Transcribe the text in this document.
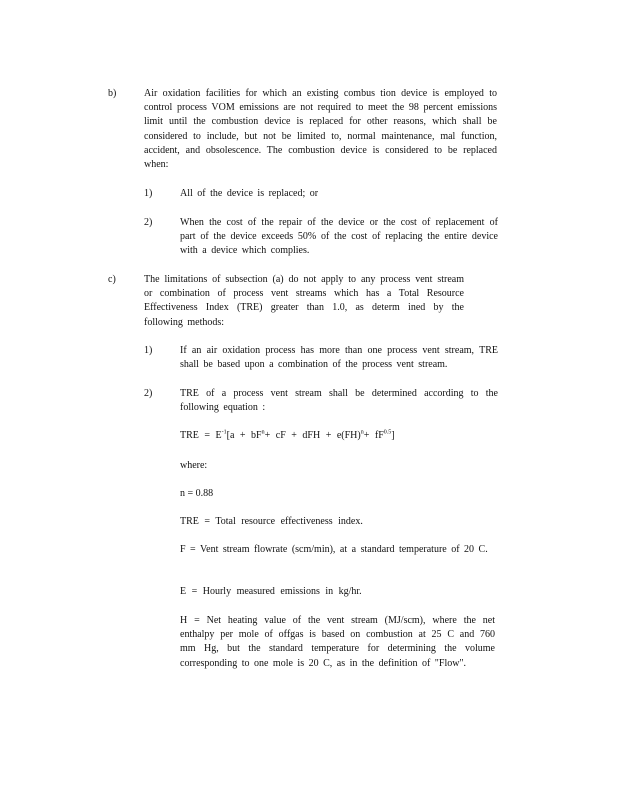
b)	Air oxidation facilities for which an existing combus tion device is employed to control process VOM emissions are not required to meet the 98 percent emissions limit until the combustion device is replaced for other reasons, which shall be considered to include, but not be limited to, normal maintenance, mal function, accident, and obsolescence. The combustion device is considered to be replaced when:
1)	All of the device is replaced; or
2)	When the cost of the repair of the device or the cost of replacement of part of the device exceeds 50% of the cost of replacing the entire device with a device which complies.
c)	The limitations of subsection (a) do not apply to any process vent stream or combination of process vent streams which has a Total Resource Effectiveness Index (TRE) greater than 1.0, as determ ined by the following methods:
1)	If an air oxidation process has more than one process vent stream, TRE shall be based upon a combination of the process vent stream.
2)	TRE of a process vent stream shall be determined according to the following equation :
TRE = $E^{-1}[a + bF^n+$ cF + dFH + $e(FH)^n+ fF^{0.5}$]
where:
n = 0.88
TRE = Total resource effectiveness index.
F = Vent stream flowrate (scm/min), at a standard temperature of 20 C.
E = Hourly measured emissions in kg/hr.
H = Net heating value of the vent stream (MJ/scm), where the net enthalpy per mole of offgas is based on combustion at 25 C and 760 mm Hg, but the standard temperature for determining the volume corresponding to one mole is 20 C, as in the definition of "Flow".
